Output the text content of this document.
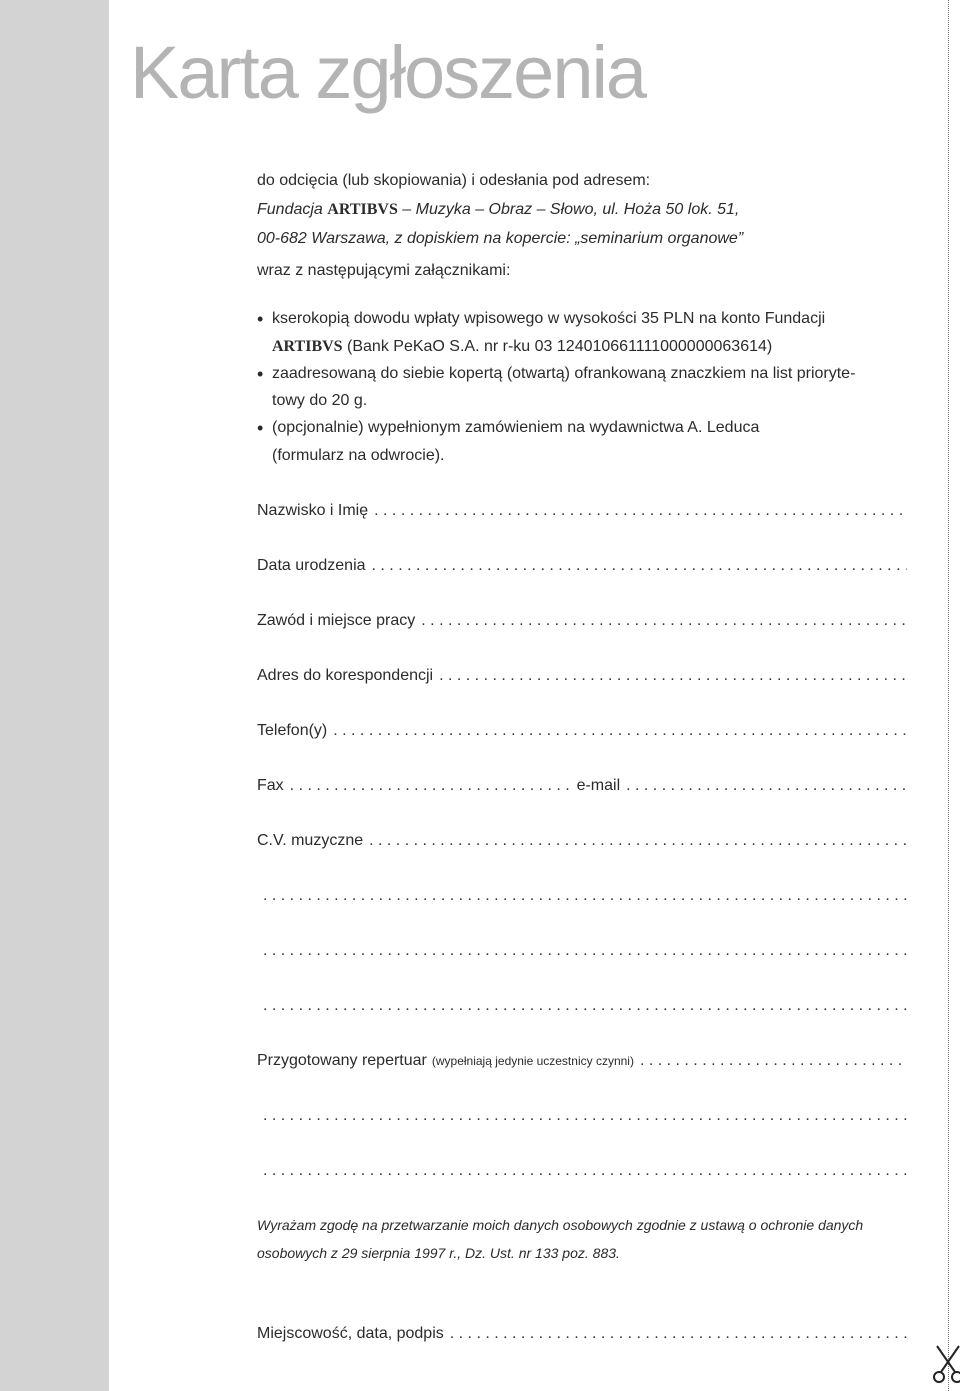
Karta zgłoszenia
do odcięcia (lub skopiowania) i odesłania pod adresem:
Fundacja ARTIBVS – Muzyka – Obraz – Słowo, ul. Hoża 50 lok. 51,
00-682 Warszawa, z dopiskiem na kopercie: „seminarium organowe”
wraz z następującymi załącznikami:
• kserokopią dowodu wpłaty wpisowego w wysokości 35 PLN na konto Fundacji
ARTIBVS (Bank PeKaO S.A. nr r-ku 03 124010661111000000063614)
• zaadresowaną do siebie kopertą (otwartą) ofrankowaną znaczkiem na list prioryte-
towy do 20 g.
• (opcjonalnie) wypełnionym zamówieniem na wydawnictwa A. Leduca
(formularz na odwrocie).
Nazwisko i Imię
. . .
Data urodzenia
. . .
Zawód i miejsce pracy
. . .
Adres do korespondencji
. . .
Telefon(y)
. . .
Fax
. . .	e-mail
. . .
C.V. muzyczne
. . .
. . .
. . .
. . .
Przygotowany repertuar (wypełniają jedynie uczestnicy czynni)
. . .
. . .
. . .
Wyrażam zgodę na przetwarzanie moich danych osobowych zgodnie z ustawą o ochronie danych
osobowych z 29 sierpnia 1997 r., Dz. Ust. nr 133 poz. 883.
Miejscowość, data, podpis
. . .
